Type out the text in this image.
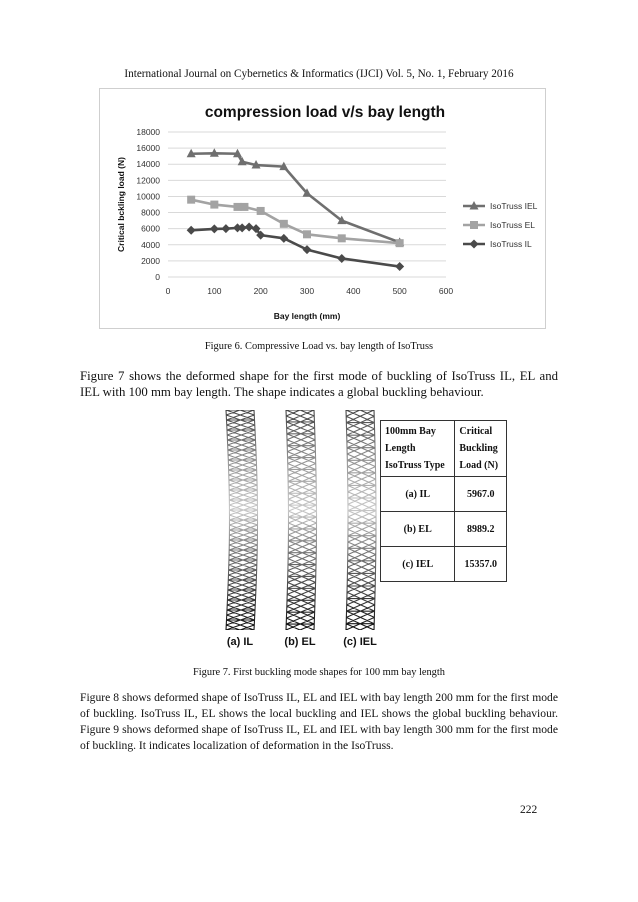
International Journal on Cybernetics & Informatics (IJCI) Vol. 5, No. 1, February 2016
compression load v/s bay length
0
2000
4000
6000
8000
10000
12000
14000
16000
18000
0	100	200	300	400	500	600
Bay length (mm)
Critical bckling load (N)	IsoTruss IEL
IsoTruss EL
IsoTruss IL
Figure 6. Compressive Load vs. bay length of IsoTruss
Figure 7 shows the deformed shape for the first mode of buckling of IsoTruss IL, EL and IEL with 100 mm bay length. The shape indicates a global buckling behaviour.
(a) IL	(b) EL	(c) IEL
100mm Bay
Length
IsoTruss Type	Critical
Buckling
Load (N)

(a) IL	5967.0
(b) EL	8989.2
(c) IEL	15357.0
Figure 7. First buckling mode shapes for 100 mm bay length
Figure 8 shows deformed shape of IsoTruss IL, EL and IEL with bay length 200 mm for the first mode of buckling. IsoTruss IL, EL shows the local buckling and IEL shows the global buckling behaviour. Figure 9 shows deformed shape of IsoTruss IL, EL and IEL with bay length 300 mm for the first mode of buckling. It indicates localization of deformation in the IsoTruss.
222
